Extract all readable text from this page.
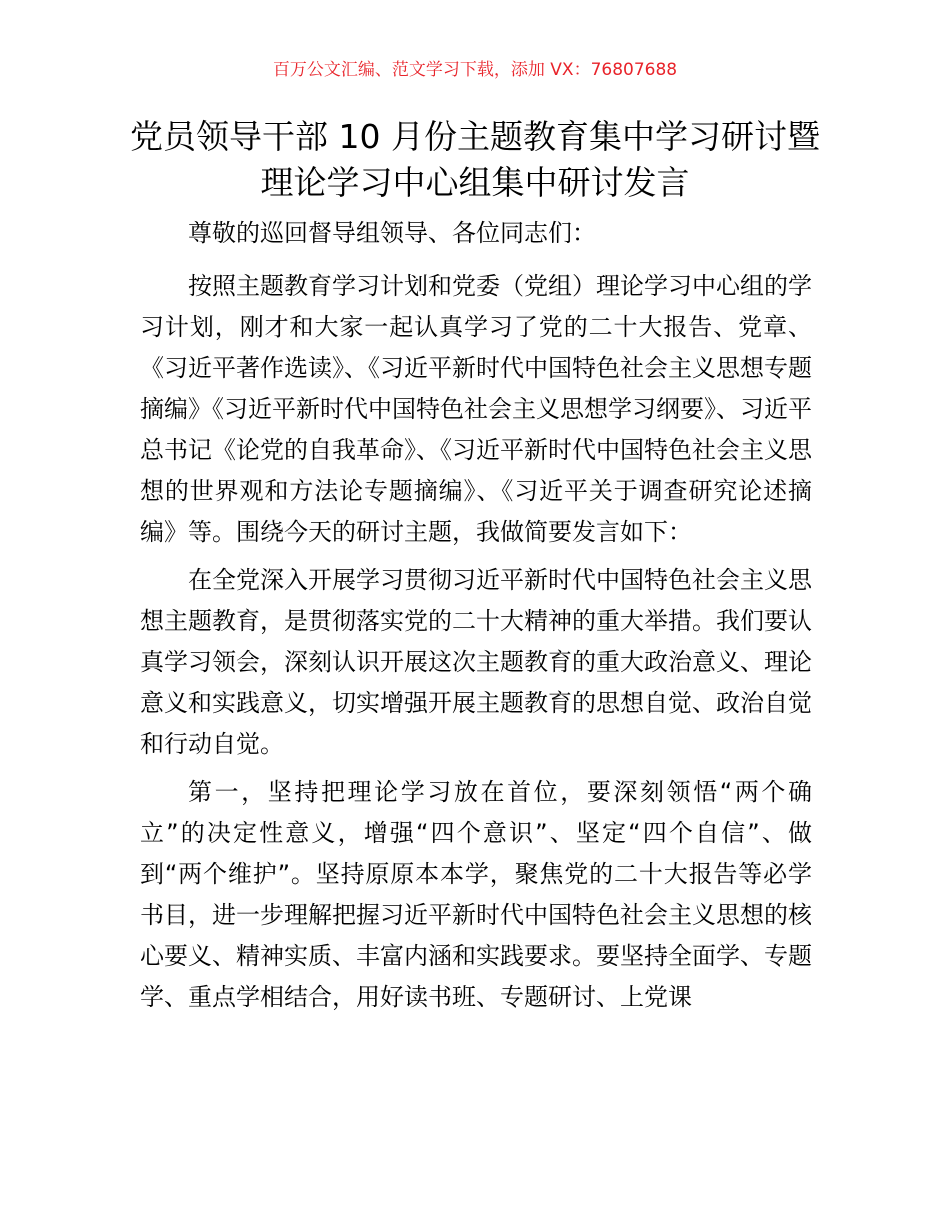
百万公文汇编、范文学习下载，添加 VX：76807688
党员领导干部 10 月份主题教育集中学习研讨暨
理论学习中心组集中研讨发言

尊敬的巡回督导组领导、各位同志们：

按照主题教育学习计划和党委（党组）理论学习中心组的学习计划，刚才和大家一起认真学习了党的二十大报告、党章、《习近平著作选读》、《习近平新时代中国特色社会主义思想专题摘编》《习近平新时代中国特色社会主义思想学习纲要》、习近平总书记《论党的自我革命》、《习近平新时代中国特色社会主义思想的世界观和方法论专题摘编》、《习近平关于调查研究论述摘编》等。围绕今天的研讨主题，我做简要发言如下：

在全党深入开展学习贯彻习近平新时代中国特色社会主义思想主题教育，是贯彻落实党的二十大精神的重大举措。我们要认真学习领会，深刻认识开展这次主题教育的重大政治意义、理论意义和实践意义，切实增强开展主题教育的思想自觉、政治自觉和行动自觉。

第一，坚持把理论学习放在首位，要深刻领悟“两个确立”的决定性意义，增强“四个意识”、坚定“四个自信”、做到“两个维护”。坚持原原本本学，聚焦党的二十大报告等必学书目，进一步理解把握习近平新时代中国特色社会主义思想的核心要义、精神实质、丰富内涵和实践要求。要坚持全面学、专题学、重点学相结合，用好读书班、专题研讨、上党课
